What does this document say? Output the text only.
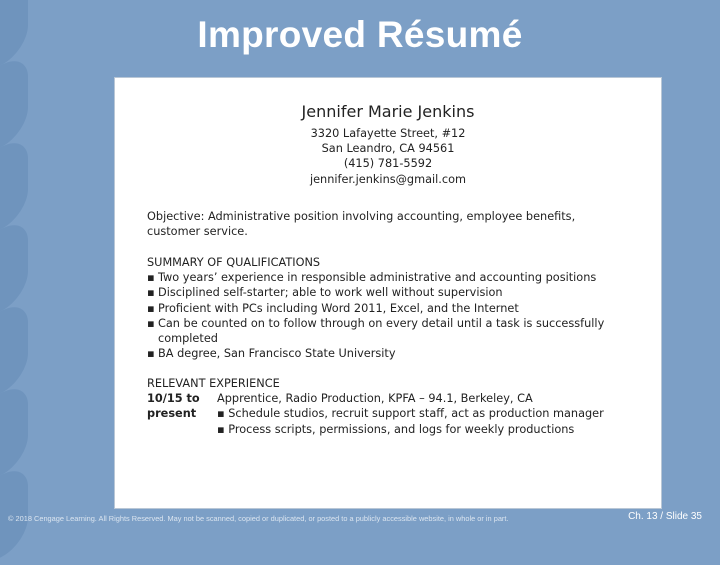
Improved Résumé
Jennifer Marie Jenkins
3320 Lafayette Street, #12
San Leandro, CA 94561
(415) 781-5592
jennifer.jenkins@gmail.com
Objective: Administrative position involving accounting, employee benefits,
customer service.
SUMMARY OF QUALIFICATIONS
▪ Two years’ experience in responsible administrative and accounting positions
▪ Disciplined self-starter; able to work well without supervision
▪ Proficient with PCs including Word 2011, Excel, and the Internet
▪ Can be counted on to follow through on every detail until a task is successfully
completed
▪ BA degree, San Francisco State University
RELEVANT EXPERIENCE
10/15 to
present
Apprentice, Radio Production, KPFA – 94.1, Berkeley, CA
▪ Schedule studios, recruit support staff, act as production manager
▪ Process scripts, permissions, and logs for weekly productions
© 2018 Cengage Learning. All Rights Reserved. May not be scanned, copied or duplicated, or posted to a publicly accessible website, in whole or in part.	Ch. 13 / Slide 35
